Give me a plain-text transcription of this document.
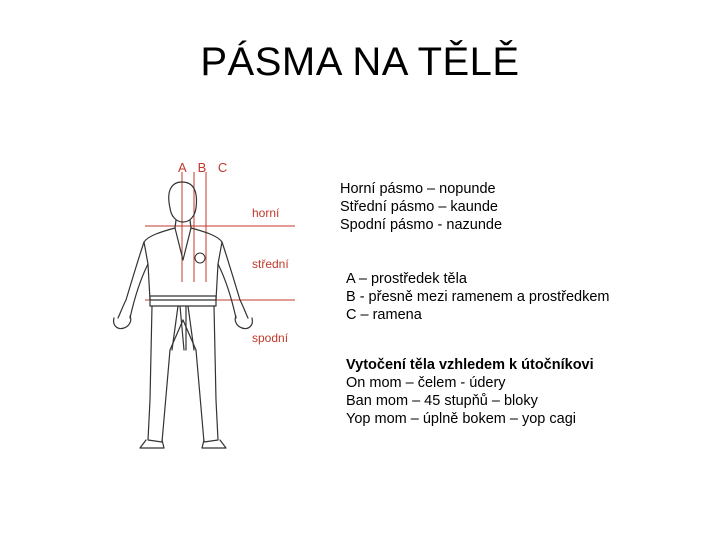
PÁSMA NA TĚLĚ
A B C
horní
střední
spodní
Horní pásmo – nopunde
Střední pásmo – kaunde
Spodní pásmo - nazunde
A – prostředek těla
B - přesně mezi ramenem a prostředkem
C – ramena
Vytočení těla vzhledem k útočníkovi
On mom – čelem - údery
Ban mom – 45 stupňů – bloky
Yop mom – úplně bokem – yop cagi
